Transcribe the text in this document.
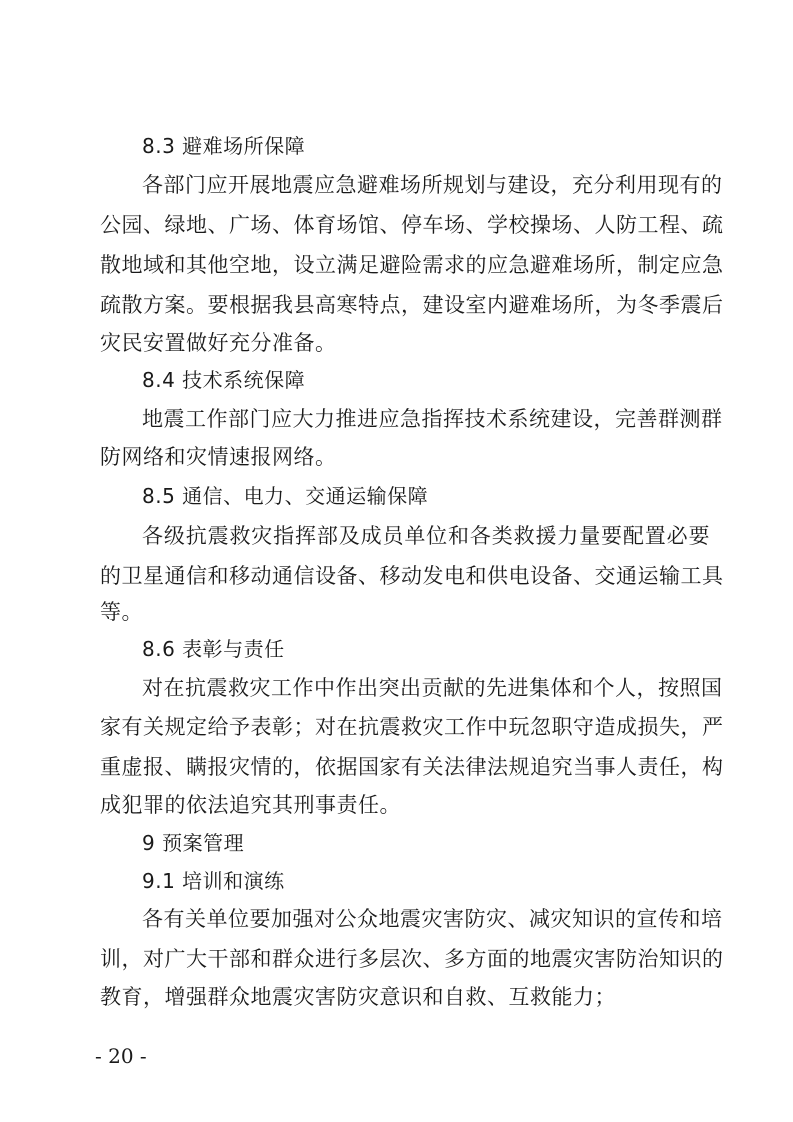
8.3 避难场所保障
各部门应开展地震应急避难场所规划与建设，充分利用现有的
公园、绿地、广场、体育场馆、停车场、学校操场、人防工程、疏
散地域和其他空地，设立满足避险需求的应急避难场所，制定应急
疏散方案。要根据我县高寒特点，建设室内避难场所，为冬季震后
灾民安置做好充分准备。
8.4 技术系统保障
地震工作部门应大力推进应急指挥技术系统建设，完善群测群
防网络和灾情速报网络。
8.5 通信、电力、交通运输保障
各级抗震救灾指挥部及成员单位和各类救援力量要配置必要
的卫星通信和移动通信设备、移动发电和供电设备、交通运输工具
等。
8.6 表彰与责任
对在抗震救灾工作中作出突出贡献的先进集体和个人，按照国
家有关规定给予表彰；对在抗震救灾工作中玩忽职守造成损失，严
重虚报、瞒报灾情的，依据国家有关法律法规追究当事人责任，构
成犯罪的依法追究其刑事责任。
9 预案管理
9.1 培训和演练
各有关单位要加强对公众地震灾害防灾、减灾知识的宣传和培
训，对广大干部和群众进行多层次、多方面的地震灾害防治知识的
教育，增强群众地震灾害防灾意识和自救、互救能力；
- 20 -
